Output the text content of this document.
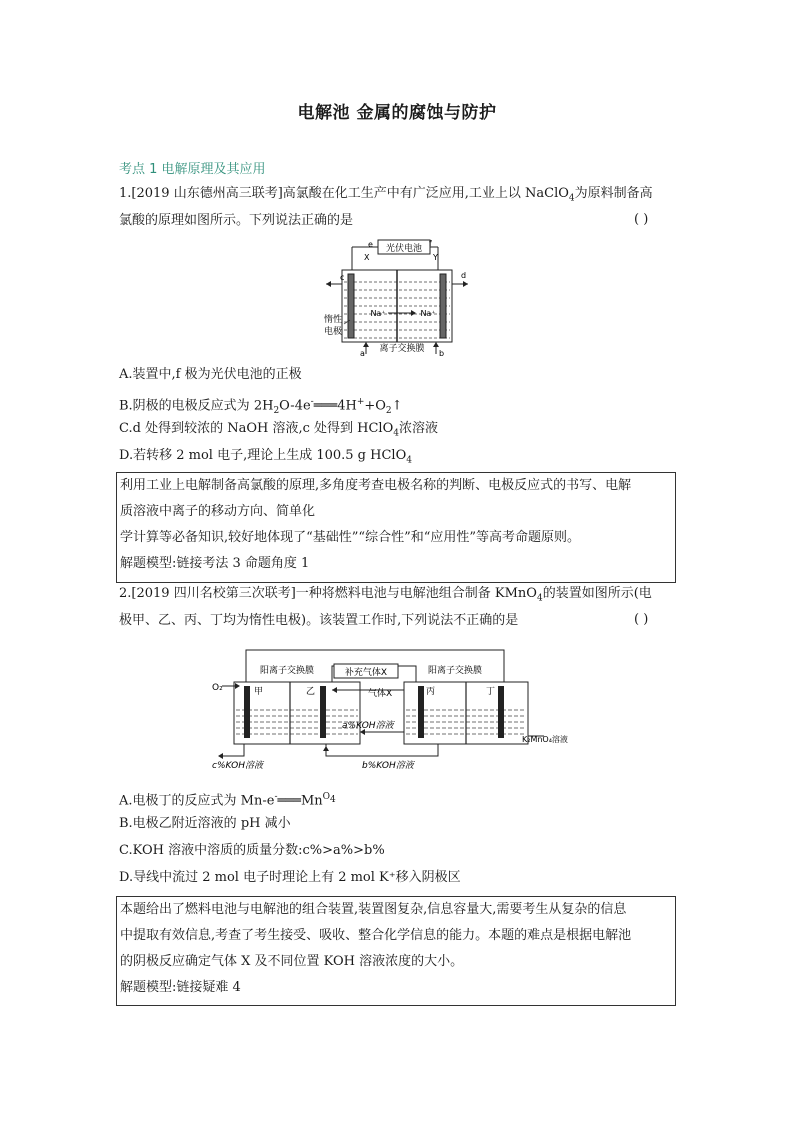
电解池 金属的腐蚀与防护
考点 1 电解原理及其应用
1.[2019 山东德州高三联考]高氯酸在化工生产中有广泛应用,工业上以 NaClO$_4$为原料制备高
氯酸的原理如图所示。下列说法正确的是	( )
光伏电池
e	f
X	Y
c	d
Na⁺	Na⁺
a	b
离子交换膜
惰性
电极
A.装置中,f 极为光伏电池的正极
B.阴极的电极反应式为 $2H_2O-4e^-═══4H^++O_2↑$
C.d 处得到较浓的 NaOH 溶液,c 处得到 HClO$_4$浓溶液
D.若转移 2 mol 电子,理论上生成 100.5 g HClO$_4$
利用工业上电解制备高氯酸的原理,多角度考查电极名称的判断、电极反应式的书写、电解
质溶液中离子的移动方向、简单化
学计算等必备知识,较好地体现了“基础性”“综合性”和“应用性”等高考命题原则。
解题模型:链接考法 3 命题角度 1
2.[2019 四川名校第三次联考]一种将燃料电池与电解池组合制备 KMnO$_4$的装置如图所示(电
极甲、乙、丙、丁均为惰性电极)。该装置工作时,下列说法不正确的是	( )
甲	乙
阳离子交换膜
O₂	丙	丁
阳离子交换膜
补充气体X
气体X
a%KOH溶液
c%KOH溶液	b%KOH溶液
K₂MnO₄溶液
A.电极丁的反应式为 $Mn-e^-═══Mn^{O_4}$
B.电极乙附近溶液的 pH 减小
C.KOH 溶液中溶质的质量分数:c%>a%>b%
D.导线中流过 2 mol 电子时理论上有 2 mol K⁺移入阴极区
本题给出了燃料电池与电解池的组合装置,装置图复杂,信息容量大,需要考生从复杂的信息
中提取有效信息,考查了考生接受、吸收、整合化学信息的能力。本题的难点是根据电解池
的阴极反应确定气体 X 及不同位置 KOH 溶液浓度的大小。
解题模型:链接疑难 4
